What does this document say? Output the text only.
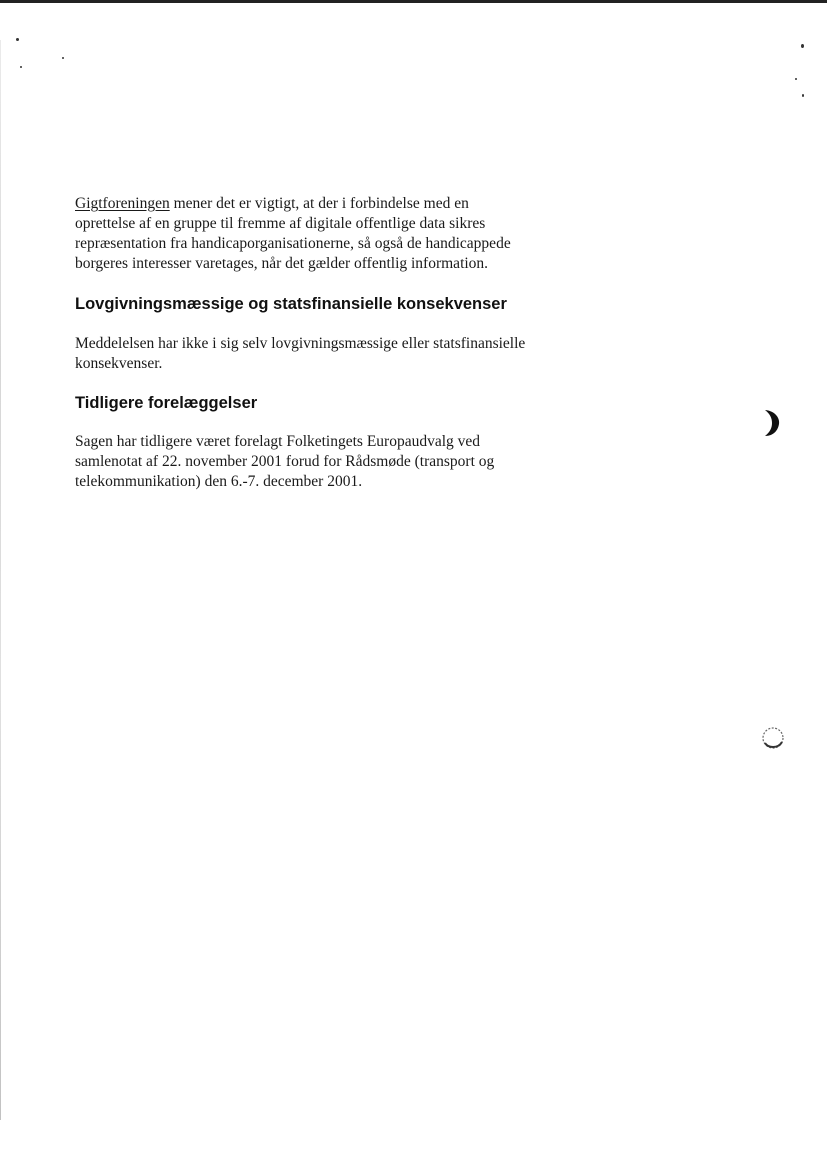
Gigtforeningen mener det er vigtigt, at der i forbindelse med en
oprettelse af en gruppe til fremme af digitale offentlige data sikres
repræsentation fra handicaporganisationerne, så også de handicappede
borgeres interesser varetages, når det gælder offentlig information.

Lovgivningsmæssige og statsfinansielle konsekvenser

Meddelelsen har ikke i sig selv lovgivningsmæssige eller statsfinansielle
konsekvenser.

Tidligere forelæggelser

Sagen har tidligere været forelagt Folketingets Europaudvalg ved
samlenotat af 22. november 2001 forud for Rådsmøde (transport og
telekommunikation) den 6.-7. december 2001.
